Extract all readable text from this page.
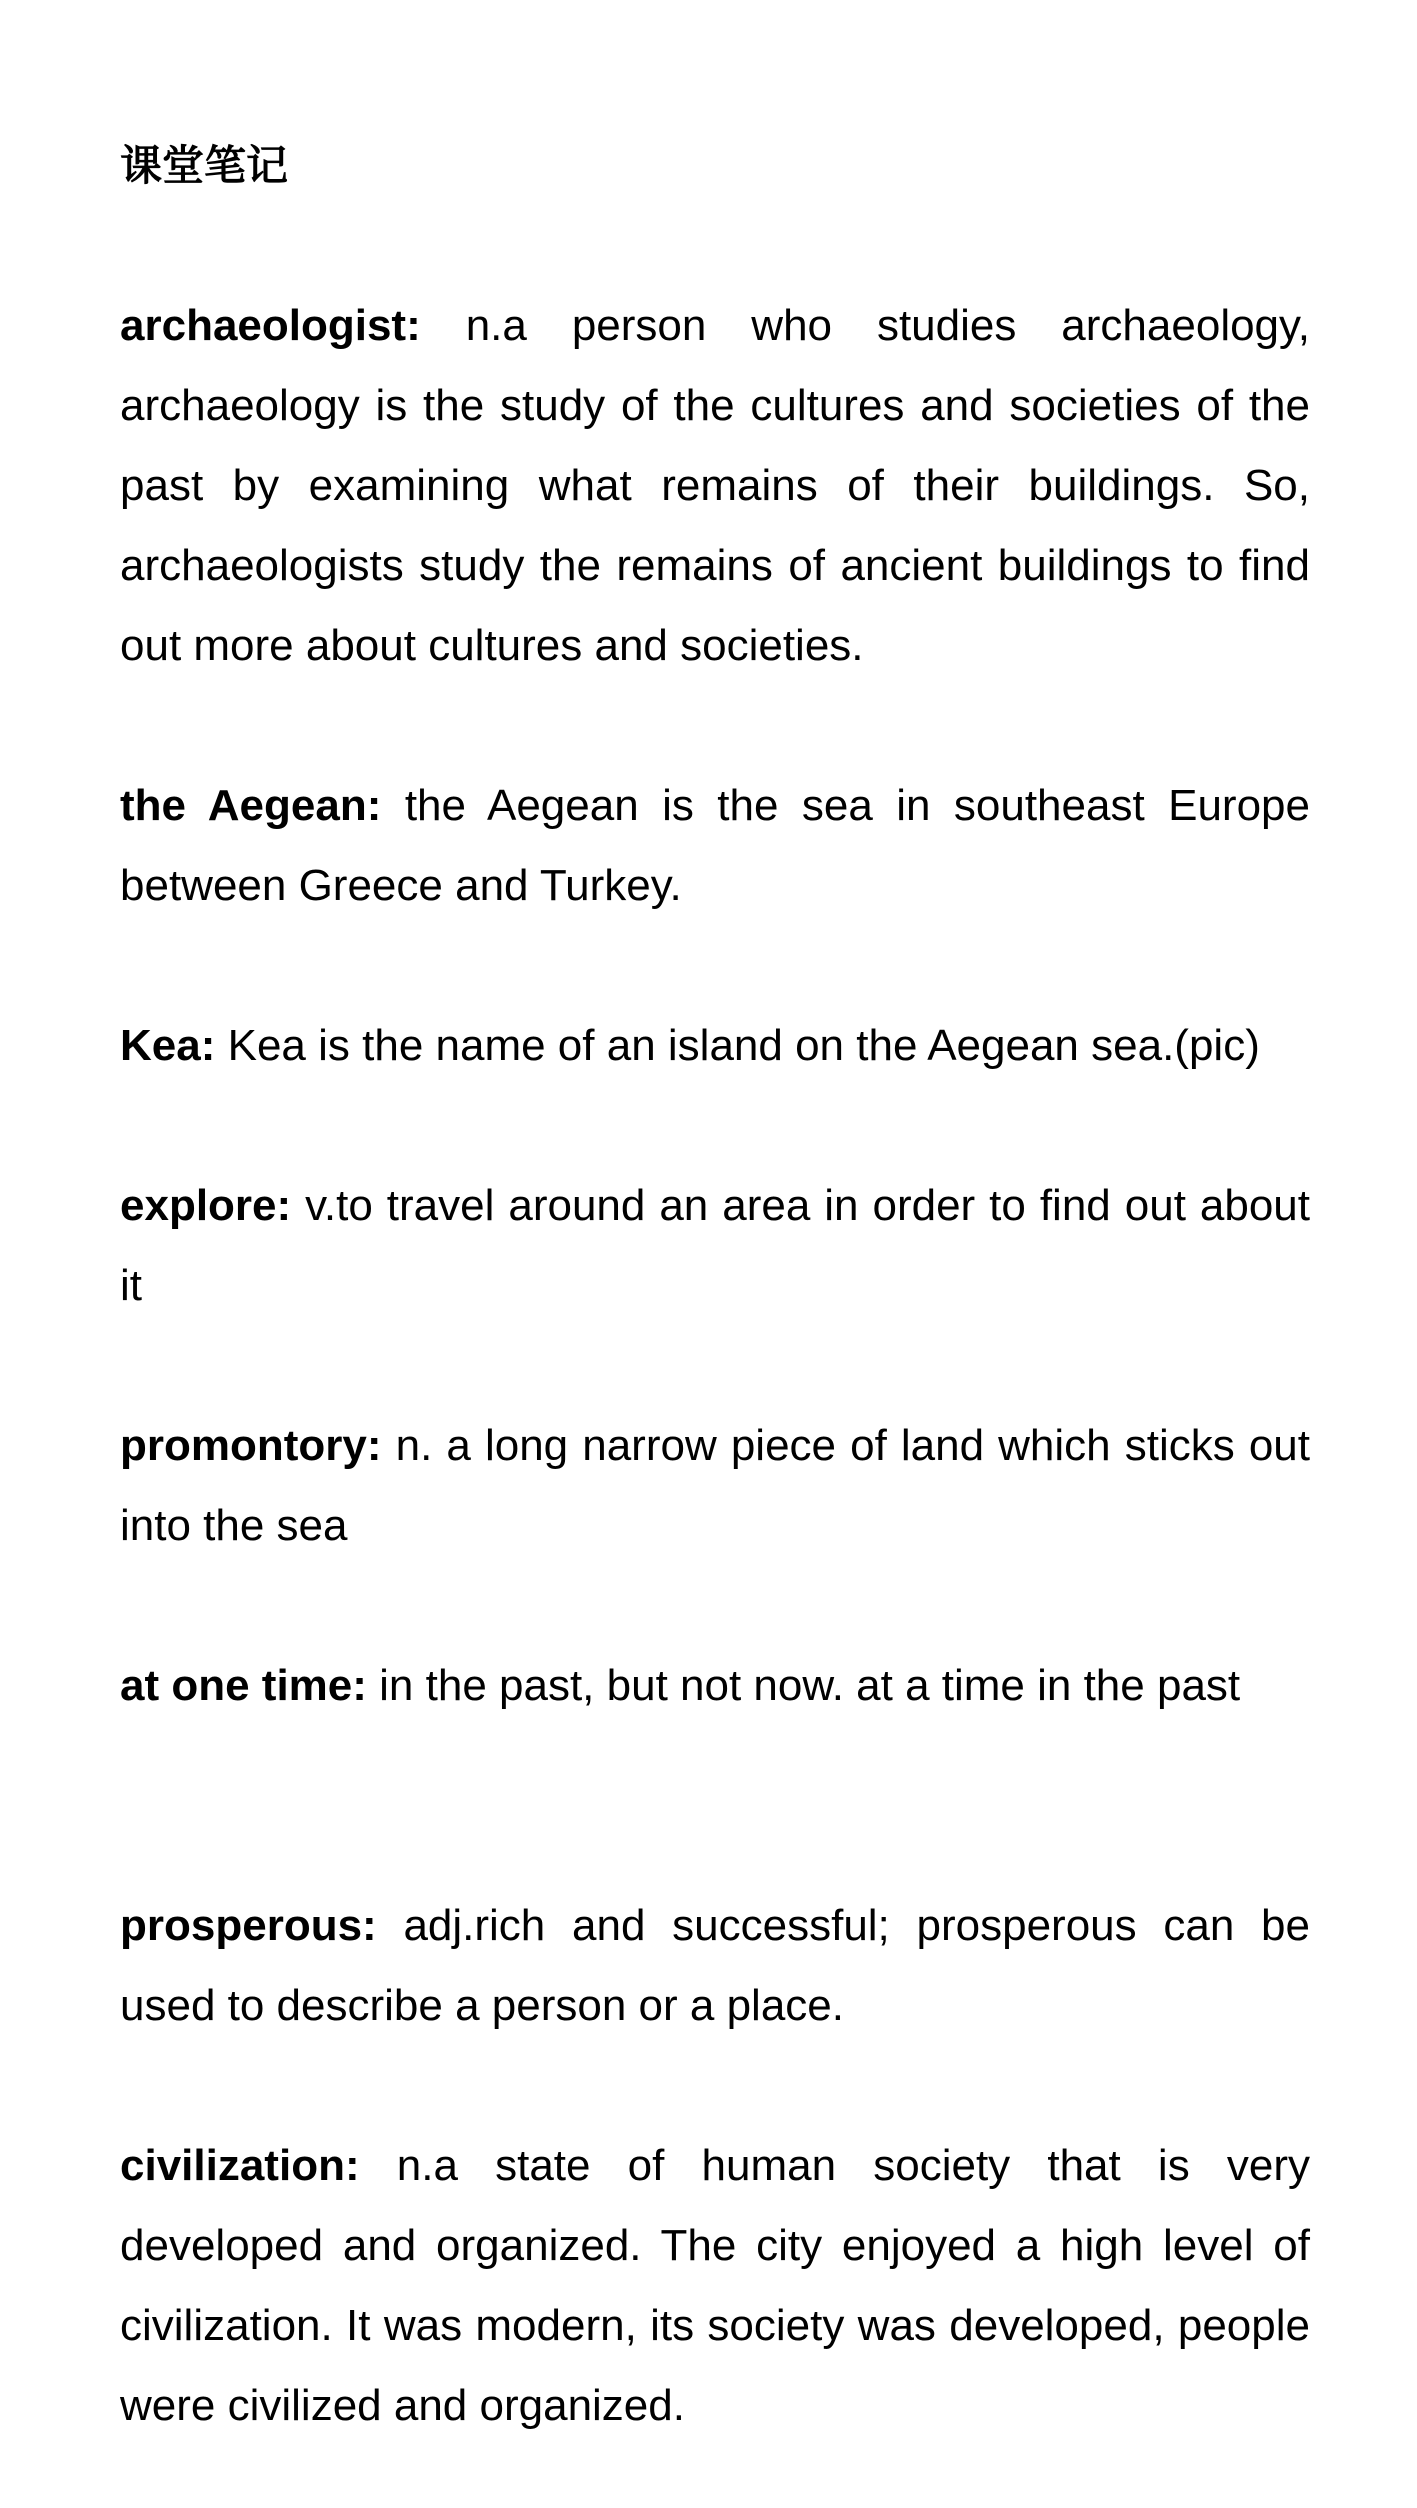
课堂笔记

archaeologist: n.a person who studies archaeology, archaeology is the study of the cultures and societies of the past by examining what remains of their buildings. So, archaeologists study the remains of ancient buildings to find out more about cultures and societies.

the Aegean: the Aegean is the sea in southeast Europe between Greece and Turkey.

Kea: Kea is the name of an island on the Aegean sea.(pic)

explore: v.to travel around an area in order to find out about it

promontory: n. a long narrow piece of land which sticks out into the sea

at one time: in the past, but not now. at a time in the past

prosperous: adj.rich and successful; prosperous can be used to describe a person or a place.

civilization: n.a state of human society that is very developed and organized. The city enjoyed a high level of civilization. It was modern, its society was developed, people were civilized and organized.
